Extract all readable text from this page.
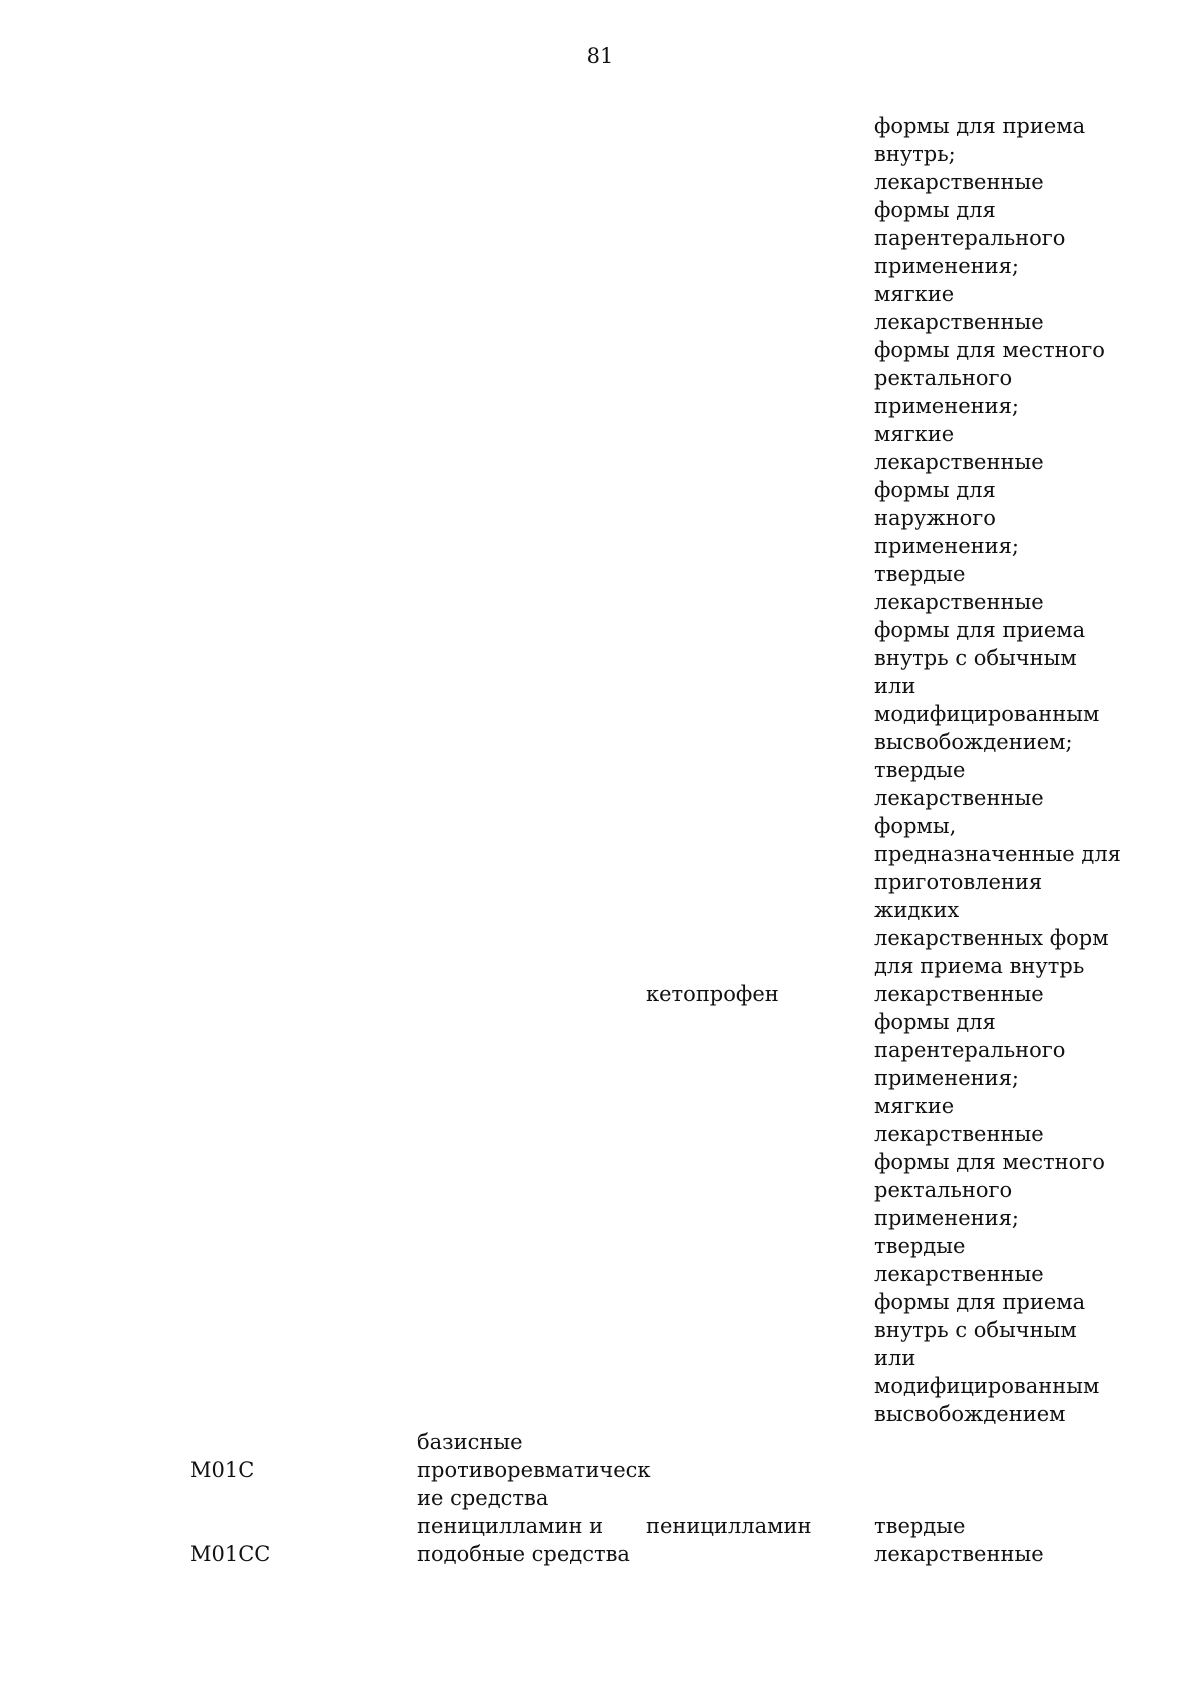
81
формы для приема
внутрь;
лекарственные
формы для
парентерального
применения;
мягкие
лекарственные
формы для местного
ректального
применения;
мягкие
лекарственные
формы для
наружного
применения;
твердые
лекарственные
формы для приема
внутрь с обычным
или
модифицированным
высвобождением;
твердые
лекарственные
формы,
предназначенные для
приготовления
жидких
лекарственных форм
для приема внутрь
кетопрофен	лекарственные
формы для
парентерального
применения;
мягкие
лекарственные
формы для местного
ректального
применения;
твердые
лекарственные
формы для приема
внутрь с обычным
или
модифицированным
высвобождением
M01C
базисные
противоревматическ
ие средства
M01CC
пеницилламин и
подобные средства
пеницилламин	твердые
лекарственные
